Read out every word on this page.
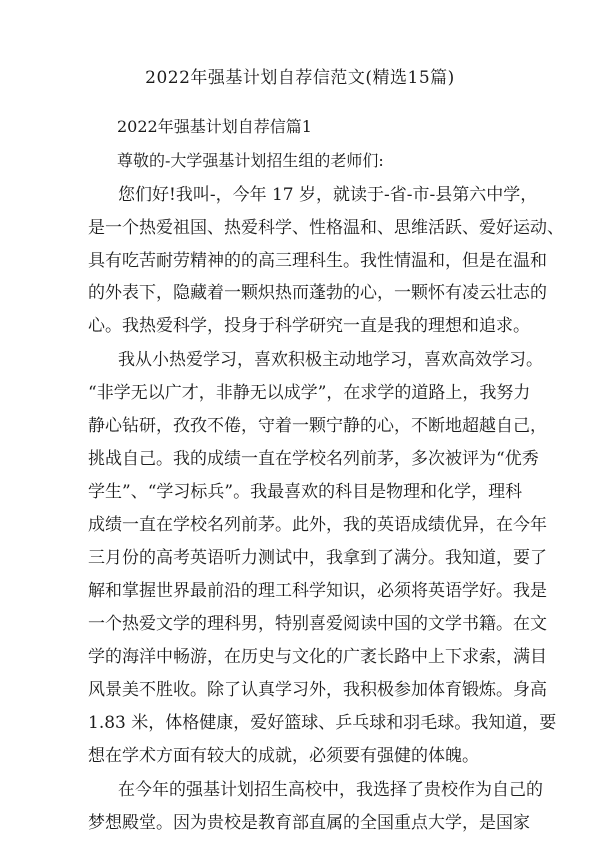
2022年强基计划自荐信范文(精选15篇)
2022年强基计划自荐信篇1
尊敬的-大学强基计划招生组的老师们:
您们好!我叫-，今年 17 岁，就读于-省-市-县第六中学，
是一个热爱祖国、热爱科学、性格温和、思维活跃、爱好运动、
具有吃苦耐劳精神的的高三理科生。我性情温和，但是在温和
的外表下，隐藏着一颗炽热而蓬勃的心，一颗怀有凌云壮志的
心。我热爱科学，投身于科学研究一直是我的理想和追求。
我从小热爱学习，喜欢积极主动地学习，喜欢高效学习。
“非学无以广才，非静无以成学”，在求学的道路上，我努力
静心钻研，孜孜不倦，守着一颗宁静的心，不断地超越自己，
挑战自己。我的成绩一直在学校名列前茅，多次被评为“优秀
学生”、“学习标兵”。我最喜欢的科目是物理和化学，理科
成绩一直在学校名列前茅。此外，我的英语成绩优异，在今年
三月份的高考英语听力测试中，我拿到了满分。我知道，要了
解和掌握世界最前沿的理工科学知识，必须将英语学好。我是
一个热爱文学的理科男，特别喜爱阅读中国的文学书籍。在文
学的海洋中畅游，在历史与文化的广袤长路中上下求索，满目
风景美不胜收。除了认真学习外，我积极参加体育锻炼。身高
1.83 米，体格健康，爱好篮球、乒乓球和羽毛球。我知道，要
想在学术方面有较大的成就，必须要有强健的体魄。
在今年的强基计划招生高校中，我选择了贵校作为自己的
梦想殿堂。因为贵校是教育部直属的全国重点大学，是国家
